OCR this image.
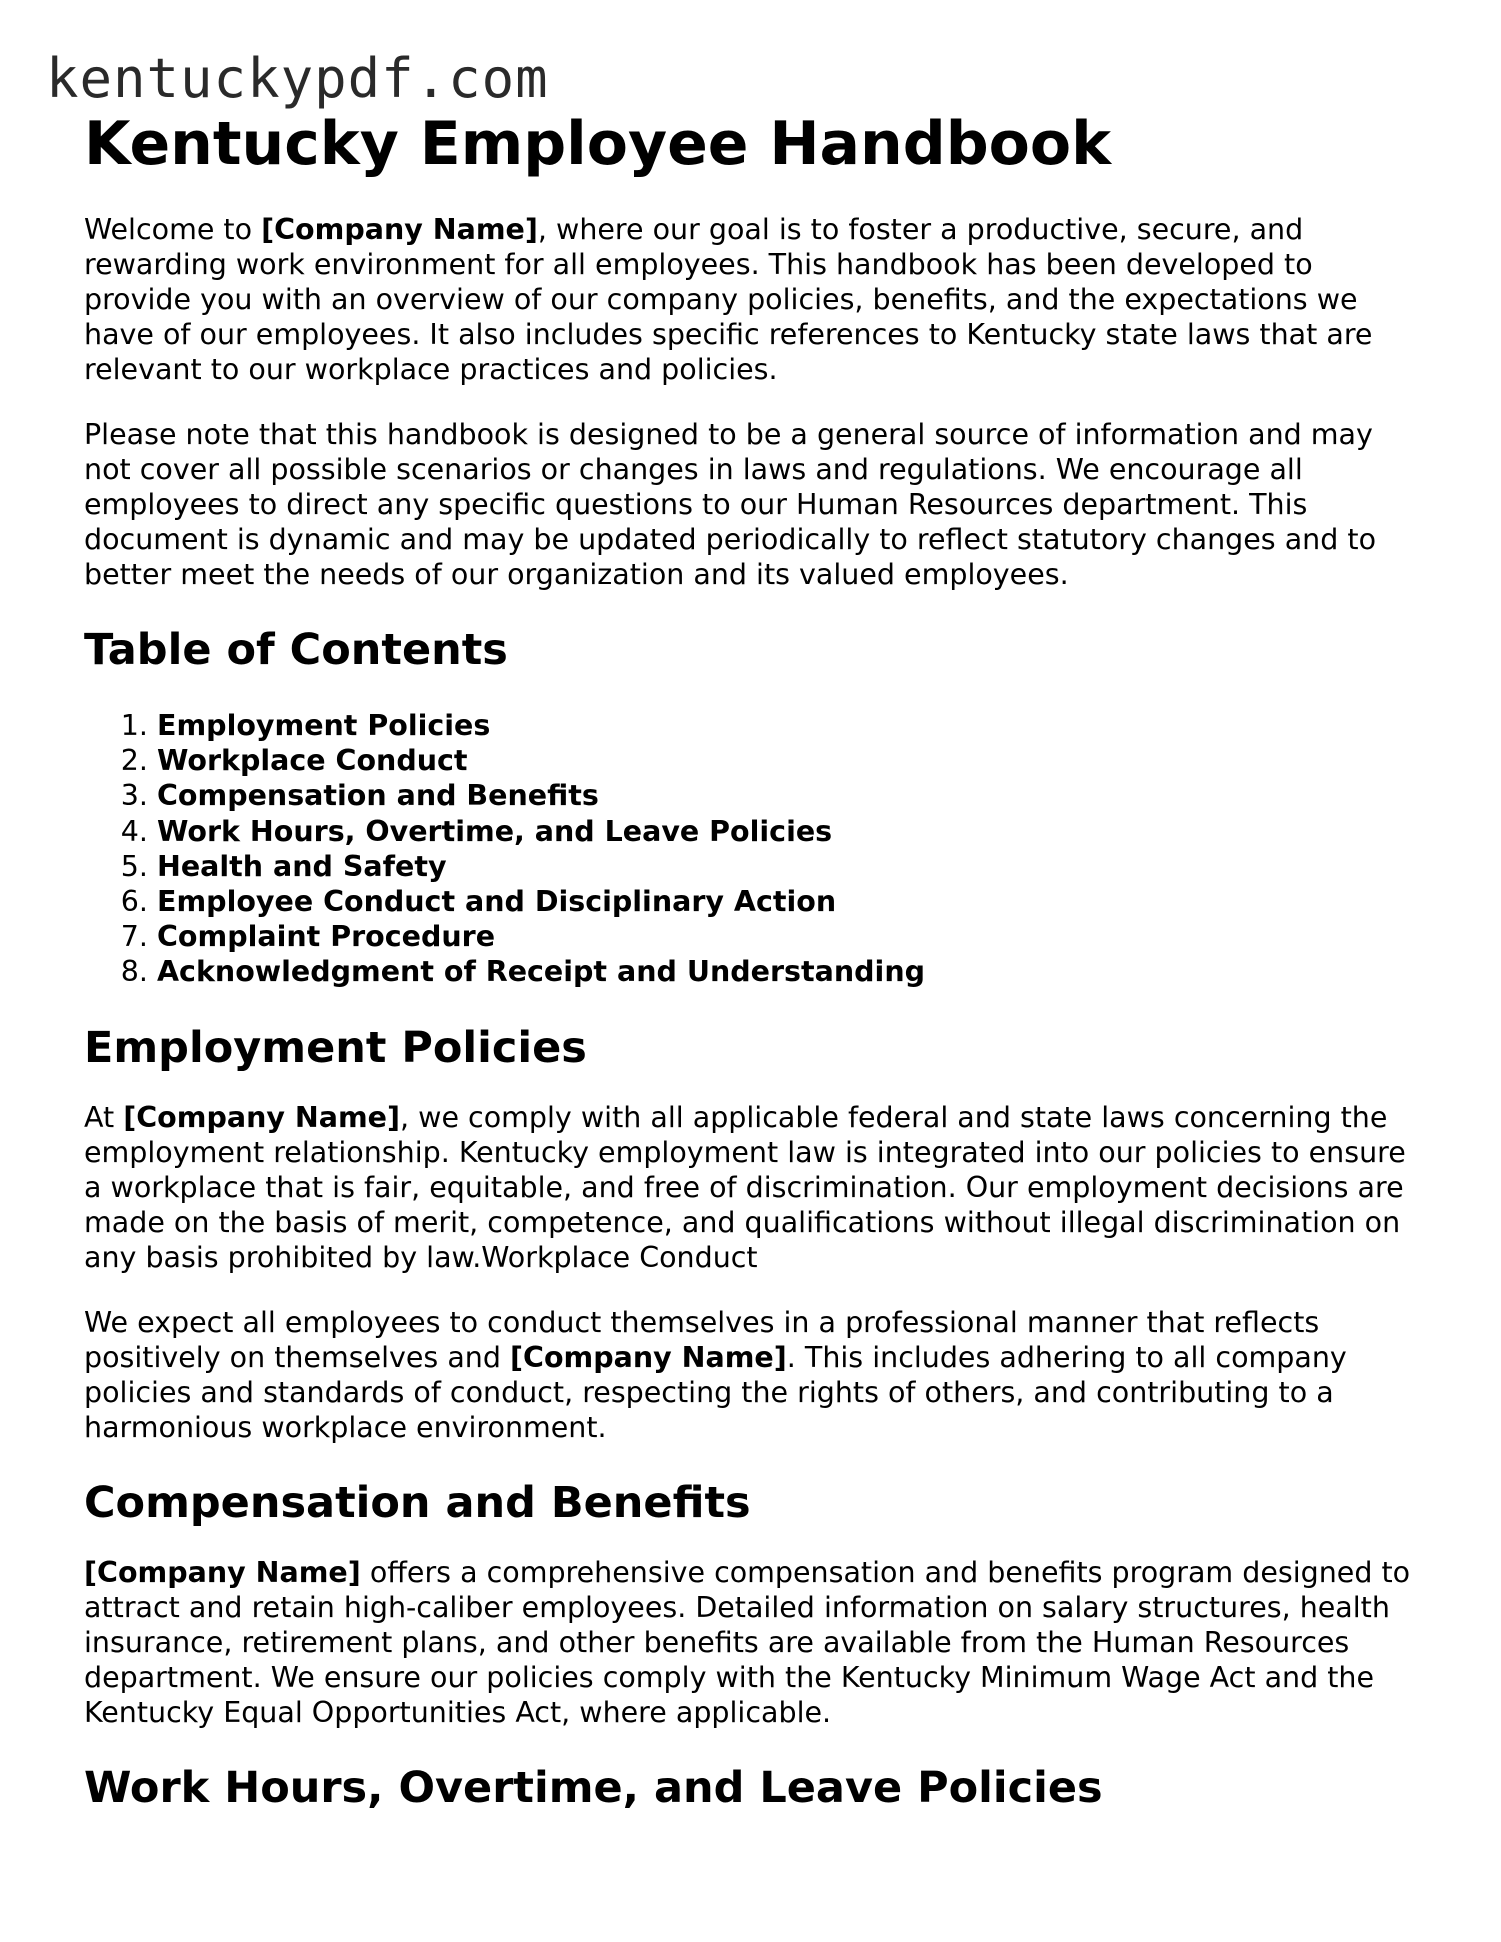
kentuckypdf.com
Kentucky Employee Handbook

Welcome to [Company Name], where our goal is to foster a productive, secure, and rewarding work environment for all employees. This handbook has been developed to provide you with an overview of our company policies, benefits, and the expectations we have of our employees. It also includes specific references to Kentucky state laws that are relevant to our workplace practices and policies.

Please note that this handbook is designed to be a general source of information and may not cover all possible scenarios or changes in laws and regulations. We encourage all employees to direct any specific questions to our Human Resources department. This document is dynamic and may be updated periodically to reflect statutory changes and to better meet the needs of our organization and its valued employees.

Table of Contents
1. Employment Policies
2. Workplace Conduct
3. Compensation and Benefits
4. Work Hours, Overtime, and Leave Policies
5. Health and Safety
6. Employee Conduct and Disciplinary Action
7. Complaint Procedure
8. Acknowledgment of Receipt and Understanding
Employment Policies

At [Company Name], we comply with all applicable federal and state laws concerning the employment relationship. Kentucky employment law is integrated into our policies to ensure a workplace that is fair, equitable, and free of discrimination. Our employment decisions are made on the basis of merit, competence, and qualifications without illegal discrimination on any basis prohibited by law.Workplace Conduct

We expect all employees to conduct themselves in a professional manner that reflects positively on themselves and [Company Name]. This includes adhering to all company policies and standards of conduct, respecting the rights of others, and contributing to a harmonious workplace environment.

Compensation and Benefits

[Company Name] offers a comprehensive compensation and benefits program designed to attract and retain high-caliber employees. Detailed information on salary structures, health insurance, retirement plans, and other benefits are available from the Human Resources department. We ensure our policies comply with the Kentucky Minimum Wage Act and the Kentucky Equal Opportunities Act, where applicable.

Work Hours, Overtime, and Leave Policies
